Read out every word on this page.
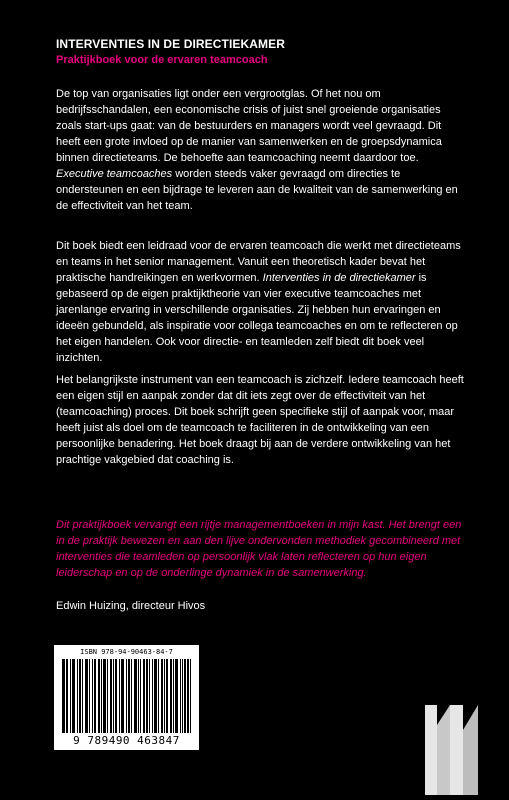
INTERVENTIES IN DE DIRECTIEKAMER
Praktijkboek voor de ervaren teamcoach

De top van organisaties ligt onder een vergrootglas. Of het nou om bedrijfsschandalen, een economische crisis of juist snel groeiende organisaties zoals start-ups gaat: van de bestuurders en managers wordt veel gevraagd. Dit heeft een grote invloed op de manier van samenwerken en de groepsdynamica binnen directieteams. De behoefte aan teamcoaching neemt daardoor toe. Executive teamcoaches worden steeds vaker gevraagd om directies te ondersteunen en een bijdrage te leveren aan de kwaliteit van de samenwerking en de effectiviteit van het team.

Dit boek biedt een leidraad voor de ervaren teamcoach die werkt met directieteams en teams in het senior management. Vanuit een theoretisch kader bevat het praktische handreikingen en werkvormen. Interventies in de directiekamer is gebaseerd op de eigen praktijktheorie van vier executive teamcoaches met jarenlange ervaring in verschillende organisaties. Zij hebben hun ervaringen en ideeën gebundeld, als inspiratie voor collega teamcoaches en om te reflecteren op het eigen handelen. Ook voor directie- en teamleden zelf biedt dit boek veel inzichten.

Het belangrijkste instrument van een teamcoach is zichzelf. Iedere teamcoach heeft een eigen stijl en aanpak zonder dat dit iets zegt over de effectiviteit van het (teamcoaching) proces. Dit boek schrijft geen specifieke stijl of aanpak voor, maar heeft juist als doel om de teamcoach te faciliteren in de ontwikkeling van een persoonlijke benadering. Het boek draagt bij aan de verdere ontwikkeling van het prachtige vakgebied dat coaching is.

Dit praktijkboek vervangt een rijtje managementboeken in mijn kast. Het brengt een in de praktijk bewezen en aan den lijve ondervonden methodiek gecombineerd met interventies die teamleden op persoonlijk vlak laten reflecteren op hun eigen leiderschap en op de onderlinge dynamiek in de samenwerking.

Edwin Huizing, directeur Hivos
ISBN 978-94-90463-84-7
9 789490 463847
